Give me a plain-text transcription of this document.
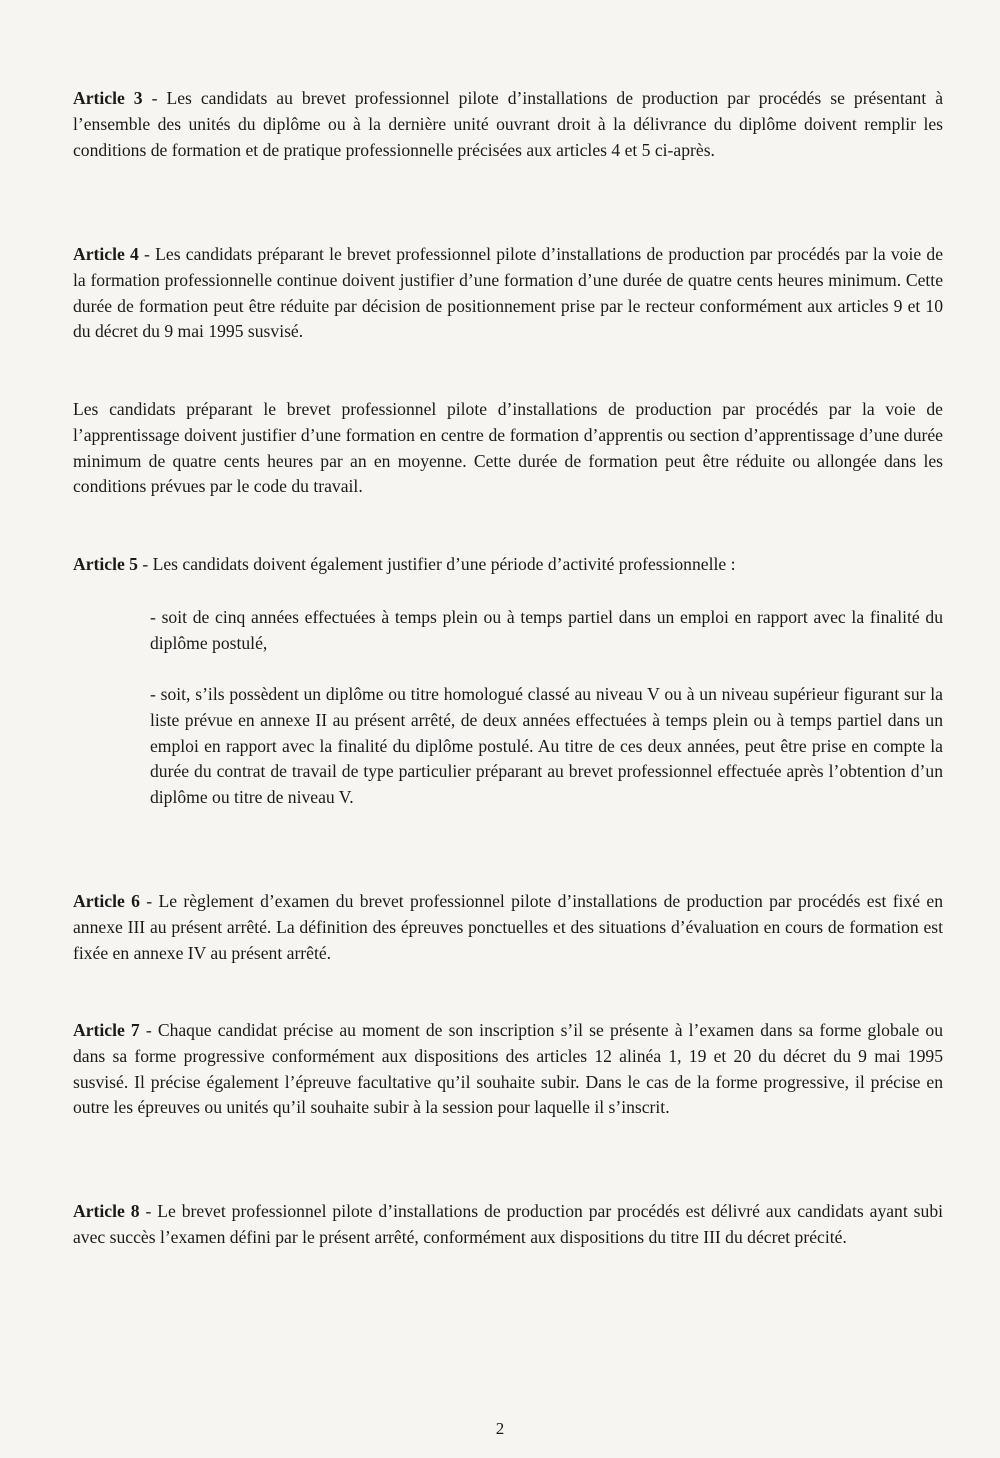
Article 3 - Les candidats au brevet professionnel pilote d’installations de production par procédés se présentant à l’ensemble des unités du diplôme ou à la dernière unité ouvrant droit à la délivrance du diplôme doivent remplir les conditions de formation et de pratique professionnelle précisées aux articles 4 et 5 ci-après.
Article 4 - Les candidats préparant le brevet professionnel pilote d’installations de production par procédés par la voie de la formation professionnelle continue doivent justifier d’une formation d’une durée de quatre cents heures minimum. Cette durée de formation peut être réduite par décision de positionnement prise par le recteur conformément aux articles 9 et 10 du décret du 9 mai 1995 susvisé.
Les candidats préparant le brevet professionnel pilote d’installations de production par procédés par la voie de l’apprentissage doivent justifier d’une formation en centre de formation d’apprentis ou section d’apprentissage d’une durée minimum de quatre cents heures par an en moyenne. Cette durée de formation peut être réduite ou allongée dans les conditions prévues par le code du travail.
Article 5 - Les candidats doivent également justifier d’une période d’activité professionnelle :
- soit de cinq années effectuées à temps plein ou à temps partiel dans un emploi en rapport avec la finalité du diplôme postulé,
- soit, s’ils possèdent un diplôme ou titre homologué classé au niveau V ou à un niveau supérieur figurant sur la liste prévue en annexe II au présent arrêté, de deux années effectuées à temps plein ou à temps partiel dans un emploi en rapport avec la finalité du diplôme postulé. Au titre de ces deux années, peut être prise en compte la durée du contrat de travail de type particulier préparant au brevet professionnel effectuée après l’obtention d’un diplôme ou titre de niveau V.
Article 6 - Le règlement d’examen du brevet professionnel pilote d’installations de production par procédés est fixé en annexe III au présent arrêté. La définition des épreuves ponctuelles et des situations d’évaluation en cours de formation est fixée en annexe IV au présent arrêté.
Article 7 - Chaque candidat précise au moment de son inscription s’il se présente à l’examen dans sa forme globale ou dans sa forme progressive conformément aux dispositions des articles 12 alinéa 1, 19 et 20 du décret du 9 mai 1995 susvisé. Il précise également l’épreuve facultative qu’il souhaite subir. Dans le cas de la forme progressive, il précise en outre les épreuves ou unités qu’il souhaite subir à la session pour laquelle il s’inscrit.
Article 8 - Le brevet professionnel pilote d’installations de production par procédés est délivré aux candidats ayant subi avec succès l’examen défini par le présent arrêté, conformément aux dispositions du titre III du décret précité.
2
